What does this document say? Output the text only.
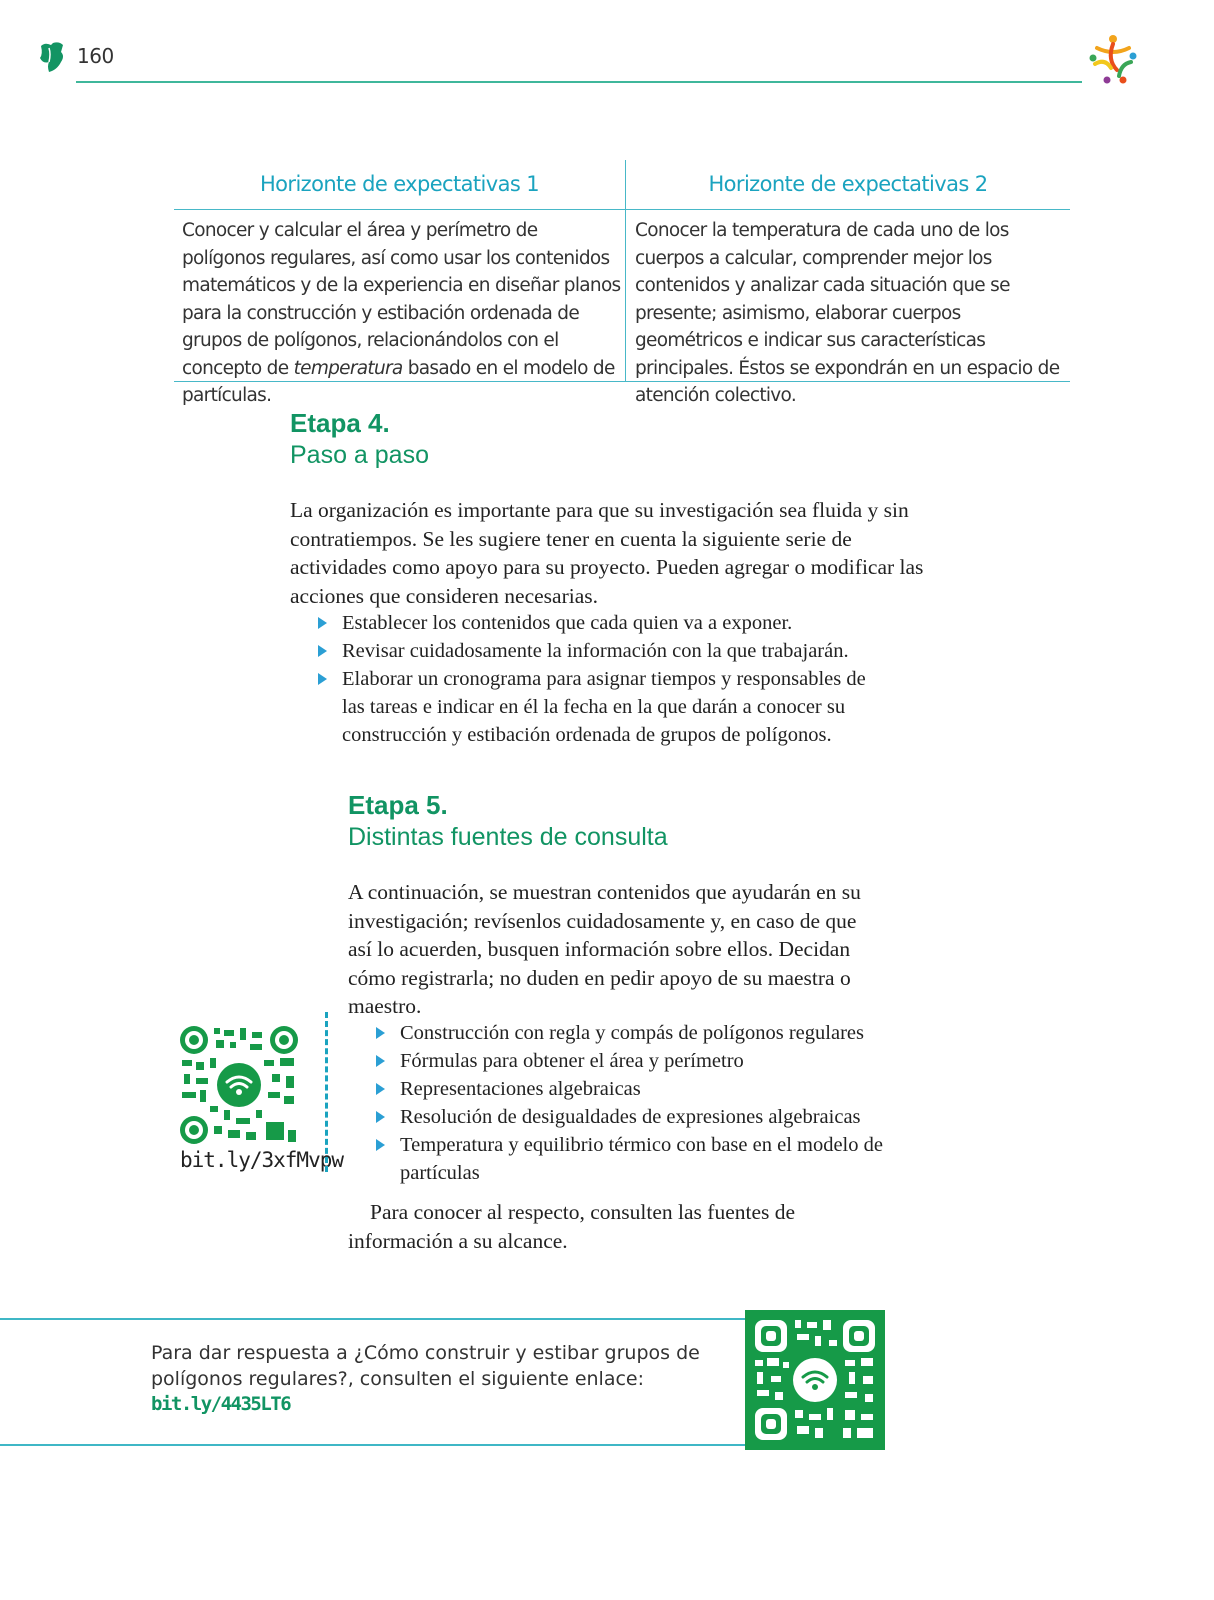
160
Horizonte de expectativas 1	Horizonte de expectativas 2
Conocer y calcular el área y perímetro de polígonos regulares, así como usar los contenidos matemáticos y de la experiencia en diseñar planos para la construcción y estibación ordenada de grupos de polígonos, relacionándolos con el concepto de temperatura basado en el modelo de partículas.
Conocer la temperatura de cada uno de los cuerpos a calcular, comprender mejor los contenidos y analizar cada situación que se presente; asimismo, elaborar cuerpos geométricos e indicar sus características principales. Éstos se expondrán en un espacio de atención colectivo.
Etapa 4.
Paso a paso
La organización es importante para que su investigación sea fluida y sin contratiempos. Se les sugiere tener en cuenta la siguiente serie de actividades como apoyo para su proyecto. Pueden agregar o modificar las acciones que consideren necesarias.
Establecer los contenidos que cada quien va a exponer.
Revisar cuidadosamente la información con la que trabajarán.
Elaborar un cronograma para asignar tiempos y responsables de las tareas e indicar en él la fecha en la que darán a conocer su construcción y estibación ordenada de grupos de polígonos.
Etapa 5.
Distintas fuentes de consulta
A continuación, se muestran contenidos que ayudarán en su investigación; revísenlos cuidadosamente y, en caso de que así lo acuerden, busquen información sobre ellos. Decidan cómo registrarla; no duden en pedir apoyo de su maestra o maestro.
Construcción con regla y compás de polígonos regulares
Fórmulas para obtener el área y perímetro
Representaciones algebraicas
Resolución de desigualdades de expresiones algebraicas
Temperatura y equilibrio térmico con base en el modelo de partículas
Para conocer al respecto, consulten las fuentes de información a su alcance.
bit.ly/3xfMvpw
Para dar respuesta a ¿Cómo construir y estibar grupos de polígonos regulares?, consulten el siguiente enlace:
bit.ly/4435LT6
